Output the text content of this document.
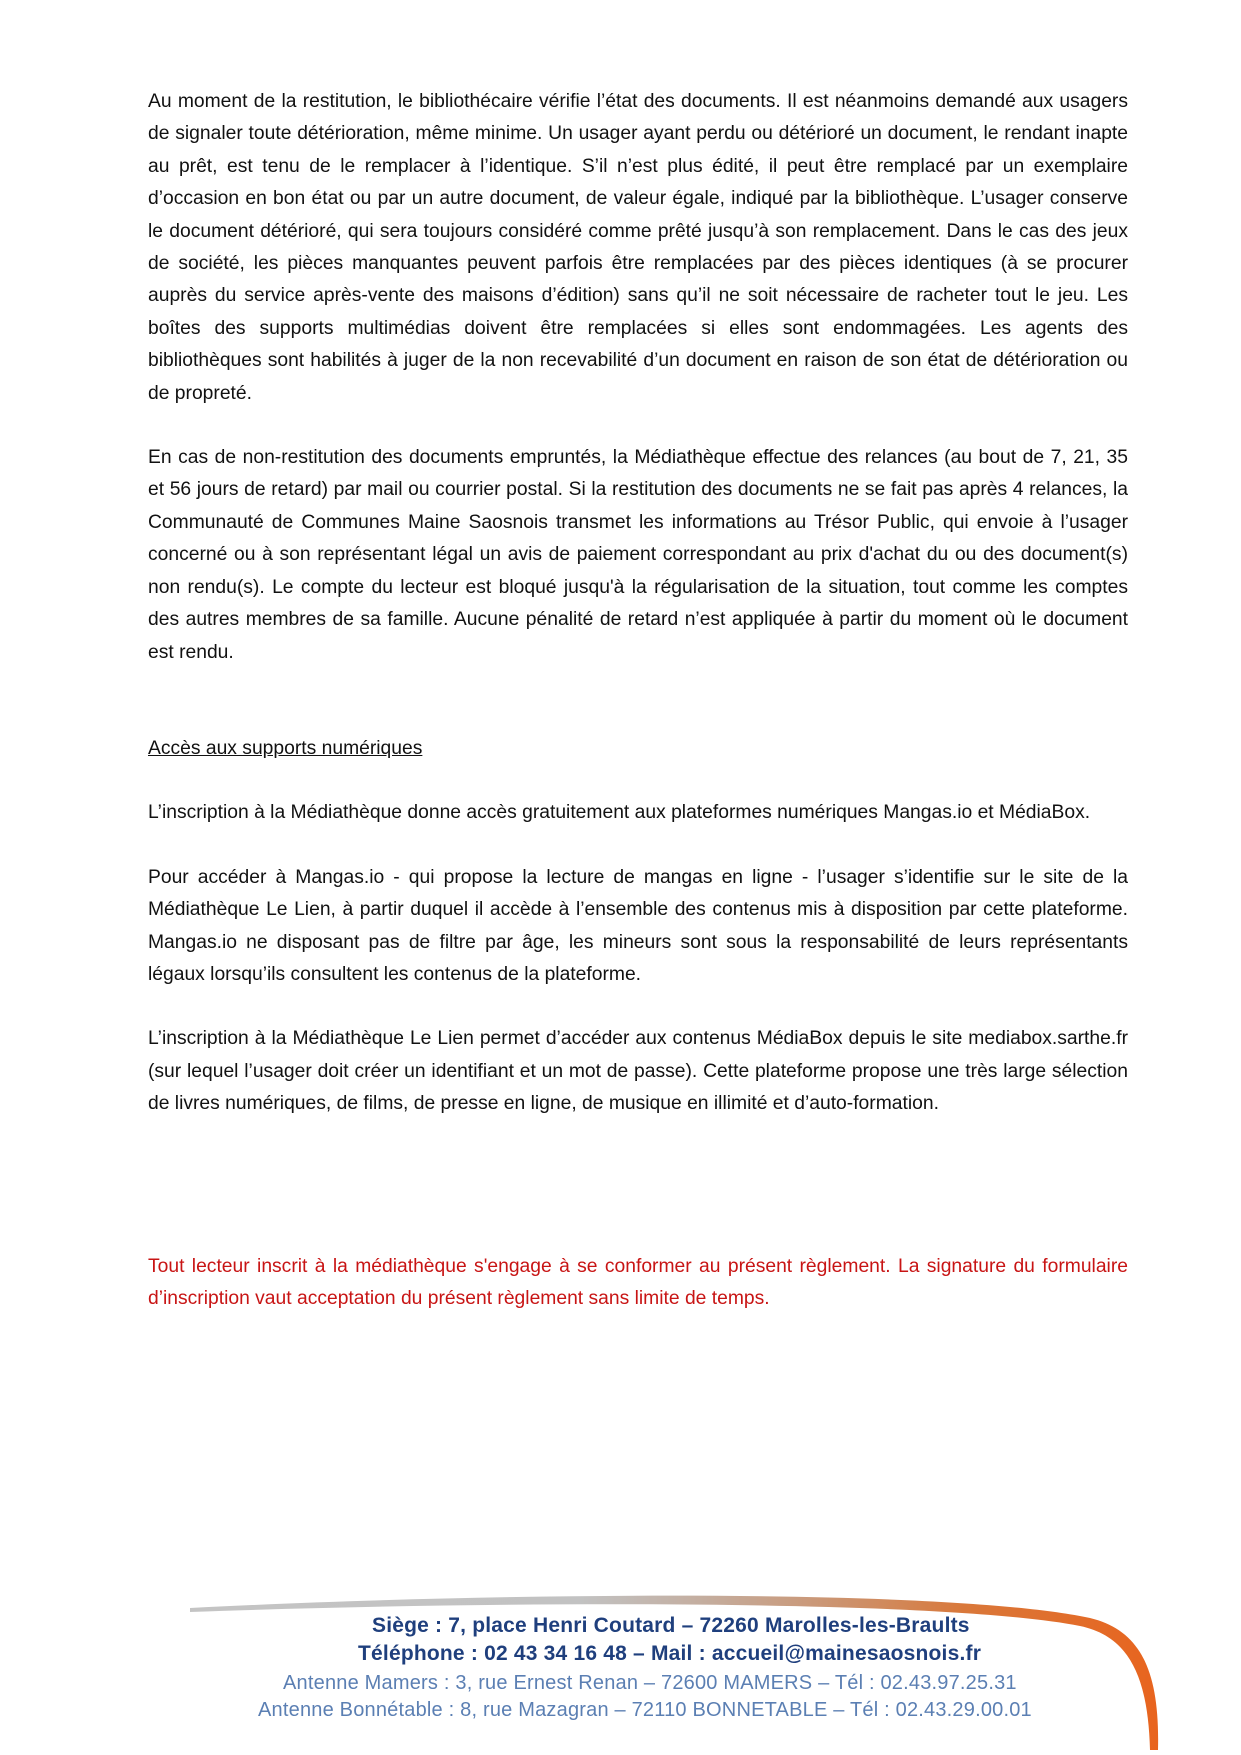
Au moment de la restitution, le bibliothécaire vérifie l’état des documents. Il est néanmoins demandé aux usagers de signaler toute détérioration, même minime. Un usager ayant perdu ou détérioré un document, le rendant inapte au prêt, est tenu de le remplacer à l’identique. S’il n’est plus édité, il peut être remplacé par un exemplaire d’occasion en bon état ou par un autre document, de valeur égale, indiqué par la bibliothèque. L’usager conserve le document détérioré, qui sera toujours considéré comme prêté jusqu’à son remplacement. Dans le cas des jeux de société, les pièces manquantes peuvent parfois être remplacées par des pièces identiques (à se procurer auprès du service après-vente des maisons d’édition) sans qu’il ne soit nécessaire de racheter tout le jeu. Les boîtes des supports multimédias doivent être remplacées si elles sont endommagées. Les agents des bibliothèques sont habilités à juger de la non recevabilité d’un document en raison de son état de détérioration ou de propreté.

En cas de non-restitution des documents empruntés, la Médiathèque effectue des relances (au bout de 7, 21, 35 et 56 jours de retard) par mail ou courrier postal. Si la restitution des documents ne se fait pas après 4 relances, la Communauté de Communes Maine Saosnois transmet les informations au Trésor Public, qui envoie à l’usager concerné ou à son représentant légal un avis de paiement correspondant au prix d'achat du ou des document(s) non rendu(s). Le compte du lecteur est bloqué jusqu'à la régularisation de la situation, tout comme les comptes des autres membres de sa famille. Aucune pénalité de retard n’est appliquée à partir du moment où le document est rendu.

Accès aux supports numériques

L’inscription à la Médiathèque donne accès gratuitement aux plateformes numériques Mangas.io et MédiaBox.

Pour accéder à Mangas.io - qui propose la lecture de mangas en ligne - l’usager s’identifie sur le site de la Médiathèque Le Lien, à partir duquel il accède à l’ensemble des contenus mis à disposition par cette plateforme. Mangas.io ne disposant pas de filtre par âge, les mineurs sont sous la responsabilité de leurs représentants légaux lorsqu’ils consultent les contenus de la plateforme.

L’inscription à la Médiathèque Le Lien permet d’accéder aux contenus MédiaBox depuis le site mediabox.sarthe.fr (sur lequel l’usager doit créer un identifiant et un mot de passe). Cette plateforme propose une très large sélection de livres numériques, de films, de presse en ligne, de musique en illimité et d’auto-formation.

Tout lecteur inscrit à la médiathèque s'engage à se conformer au présent règlement. La signature du formulaire d’inscription vaut acceptation du présent règlement sans limite de temps.

Siège : 7, place Henri Coutard – 72260 Marolles-les-Braults
Téléphone : 02 43 34 16 48 – Mail : accueil@mainesaosnois.fr
Antenne Mamers : 3, rue Ernest Renan – 72600 MAMERS – Tél : 02.43.97.25.31
Antenne Bonnétable : 8, rue Mazagran – 72110 BONNETABLE – Tél : 02.43.29.00.01
